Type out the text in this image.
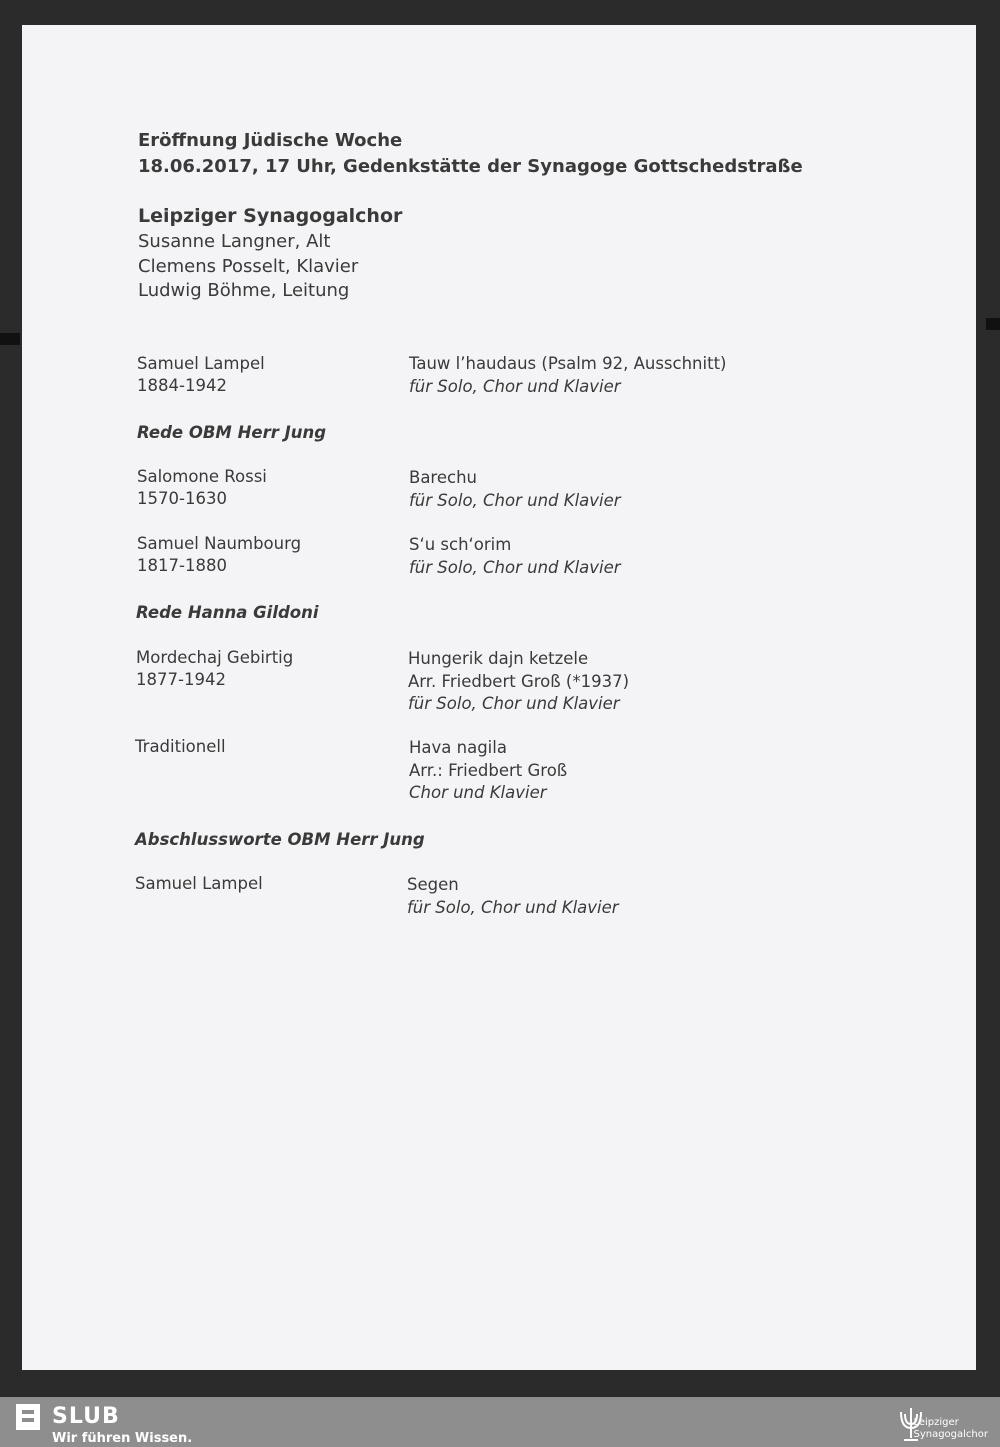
Eröffnung Jüdische Woche
18.06.2017, 17 Uhr, Gedenkstätte der Synagoge Gottschedstraße
Leipziger Synagogalchor
Susanne Langner, Alt
Clemens Posselt, Klavier
Ludwig Böhme, Leitung
Samuel Lampel
1884-1942
Tauw l’haudaus (Psalm 92, Ausschnitt)
für Solo, Chor und Klavier
Rede OBM Herr Jung
Salomone Rossi
1570-1630
Barechu
für Solo, Chor und Klavier
Samuel Naumbourg
1817-1880
S‘u sch‘orim
für Solo, Chor und Klavier
Rede Hanna Gildoni
Mordechaj Gebirtig
1877-1942
Hungerik dajn ketzele
Arr. Friedbert Groß (*1937)
für Solo, Chor und Klavier
Traditionell	Hava nagila
Arr.: Friedbert Groß
Chor und Klavier
Abschlussworte OBM Herr Jung
Samuel Lampel	Segen
für Solo, Chor und Klavier
SLUB
Wir führen Wissen.
Leipziger
Synagogalchor
